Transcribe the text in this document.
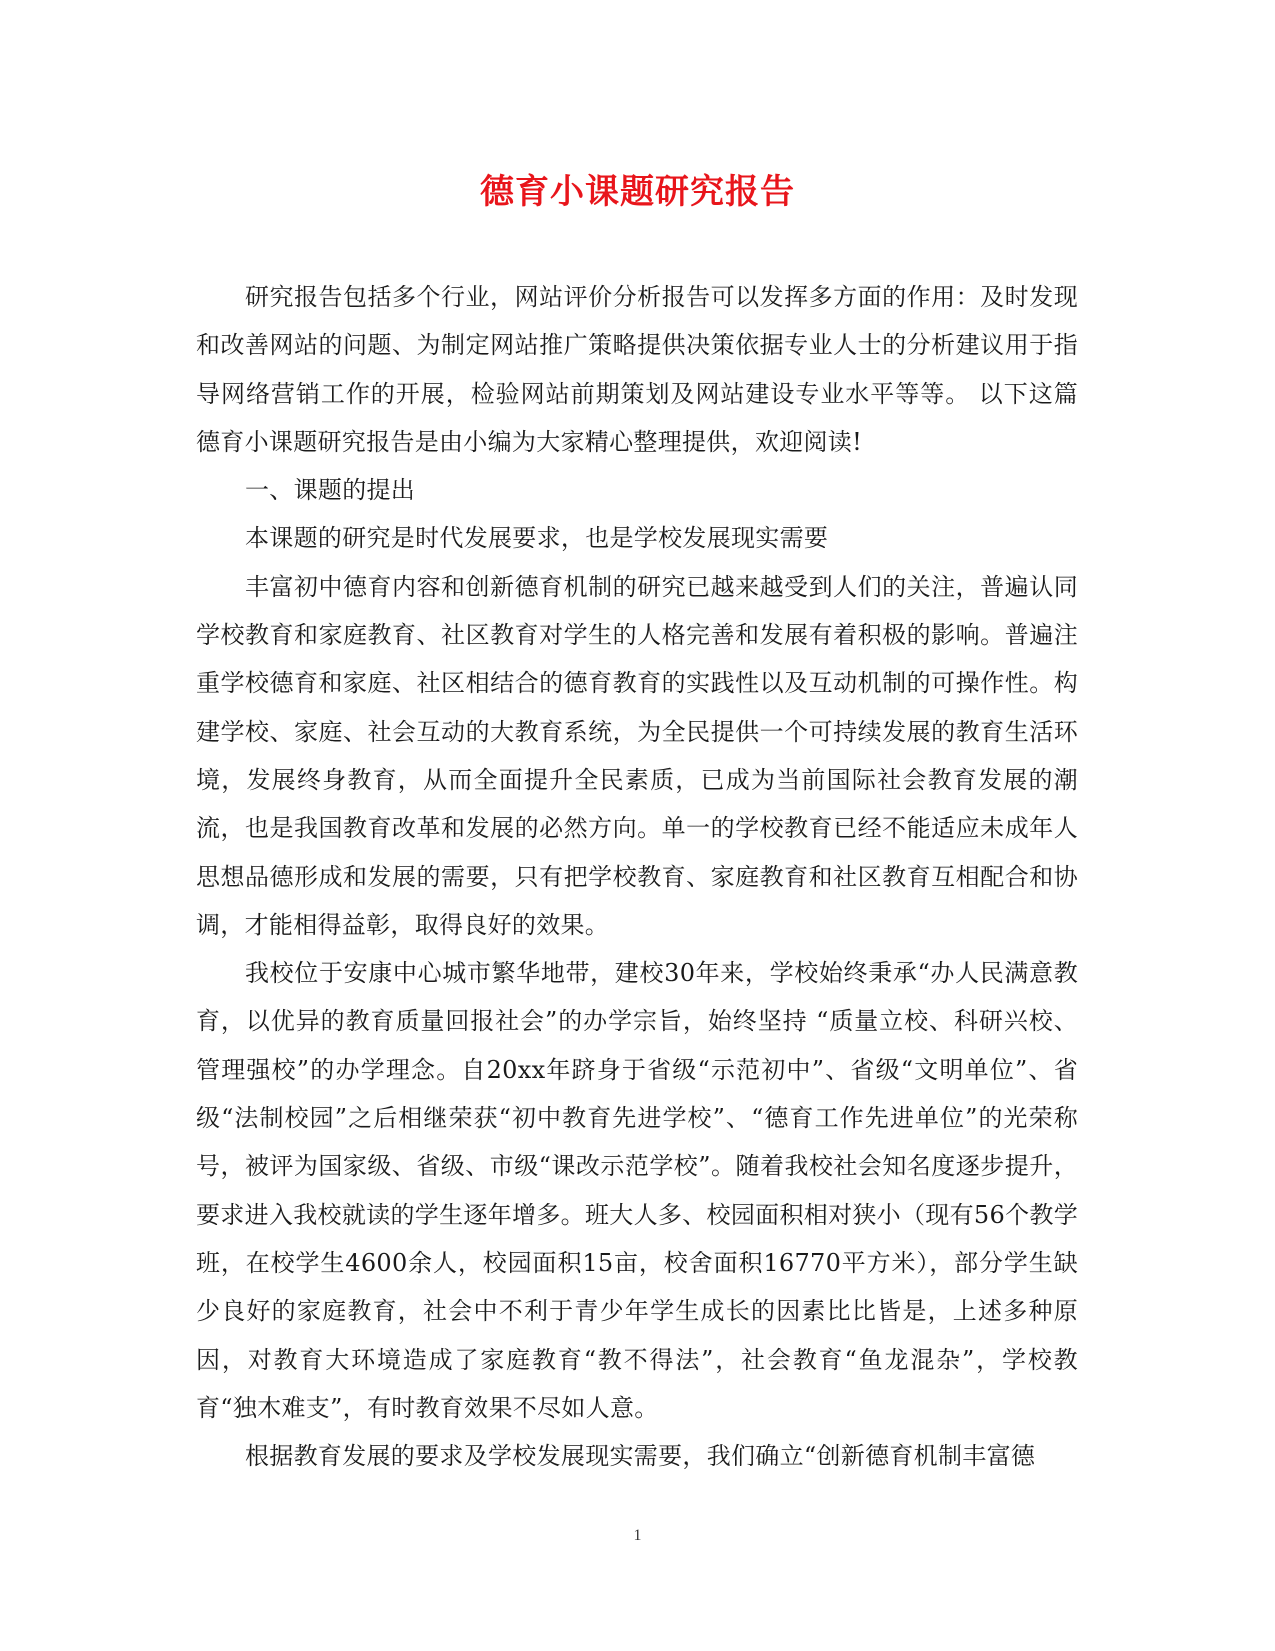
德育小课题研究报告

研究报告包括多个行业，网站评价分析报告可以发挥多方面的作用：及时发现和改善网站的问题、为制定网站推广策略提供决策依据专业人士的分析建议用于指导网络营销工作的开展，检验网站前期策划及网站建设专业水平等等。 以下这篇德育小课题研究报告是由小编为大家精心整理提供，欢迎阅读!

一、课题的提出

本课题的研究是时代发展要求，也是学校发展现实需要

丰富初中德育内容和创新德育机制的研究已越来越受到人们的关注，普遍认同学校教育和家庭教育、社区教育对学生的人格完善和发展有着积极的影响。普遍注重学校德育和家庭、社区相结合的德育教育的实践性以及互动机制的可操作性。构建学校、家庭、社会互动的大教育系统，为全民提供一个可持续发展的教育生活环境，发展终身教育，从而全面提升全民素质，已成为当前国际社会教育发展的潮流，也是我国教育改革和发展的必然方向。单一的学校教育已经不能适应未成年人思想品德形成和发展的需要，只有把学校教育、家庭教育和社区教育互相配合和协调，才能相得益彰，取得良好的效果。

我校位于安康中心城市繁华地带，建校30年来，学校始终秉承“办人民满意教育，以优异的教育质量回报社会”的办学宗旨，始终坚持 “质量立校、科研兴校、管理强校”的办学理念。自20xx年跻身于省级“示范初中”、省级“文明单位”、省级“法制校园”之后相继荣获“初中教育先进学校”、“德育工作先进单位”的光荣称号，被评为国家级、省级、市级“课改示范学校”。随着我校社会知名度逐步提升，要求进入我校就读的学生逐年增多。班大人多、校园面积相对狭小（现有56个教学班，在校学生4600余人，校园面积15亩，校舍面积16770平方米），部分学生缺少良好的家庭教育，社会中不利于青少年学生成长的因素比比皆是，上述多种原因，对教育大环境造成了家庭教育“教不得法”，社会教育“鱼龙混杂”，学校教育“独木难支”，有时教育效果不尽如人意。

根据教育发展的要求及学校发展现实需要，我们确立“创新德育机制丰富德

1
